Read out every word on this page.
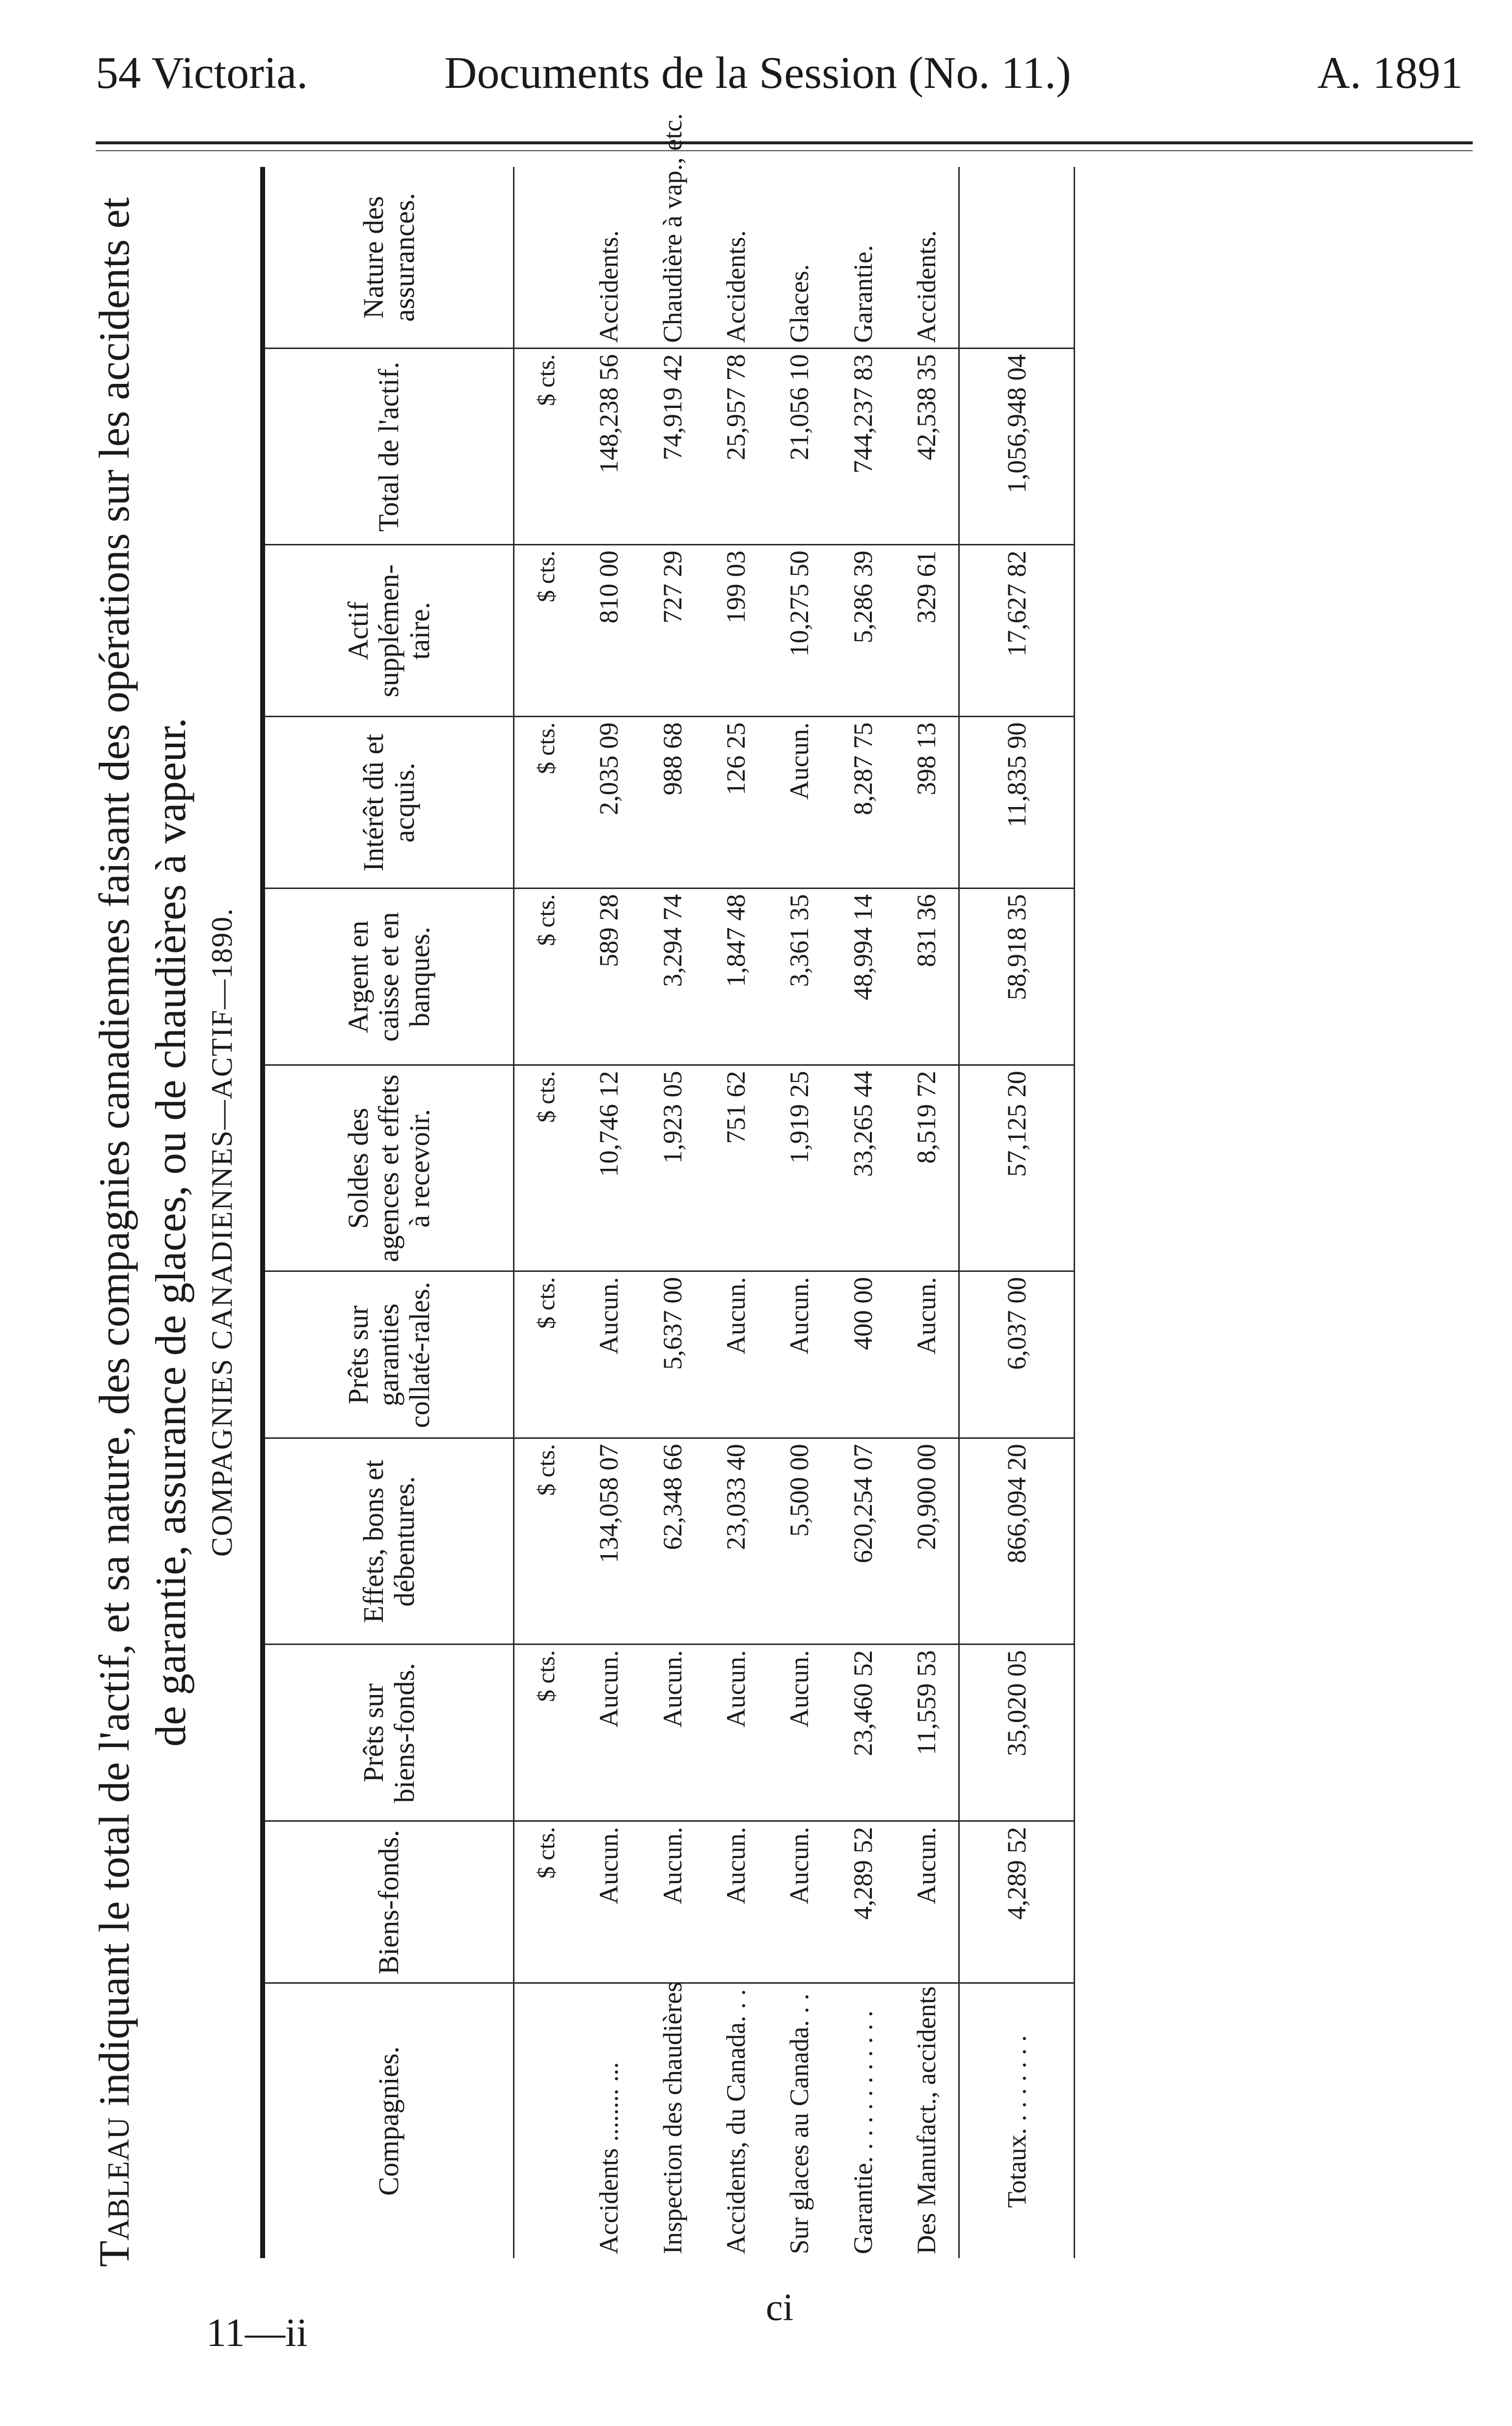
54 Victoria.	Documents de la Session (No. 11.)	A. 1891
Tableau indiquant le total de l'actif, et sa nature, des compagnies canadiennes faisant des opérations sur les accidents et de garantie, assurance de glaces, ou de chaudières à vapeur. COMPAGNIES CANADIENNES—ACTIF—1890.
Compagnies.	Biens-fonds.	Prêts sur biens-fonds.	Effets, bons et débentures.	Prêts sur garanties collaté-rales.	Soldes des agences et effets à recevoir.	Argent en caisse et en banques.	Intérêt dû et acquis.	Actif supplémen-taire.	Total de l'actif.	Nature des assurances.
	$ cts.	$ cts.	$ cts.	$ cts.	$ cts.	$ cts.	$ cts.	$ cts.	$ cts.	
Accidents ........ ...	Aucun.	Aucun.	134,058 07	Aucun.	10,746 12	589 28	2,035 09	810 00	148,238 56	Accidents.
Inspection des chaudières	Aucun.	Aucun.	62,348 66	5,637 00	1,923 05	3,294 74	988 68	727 29	74,919 42	Chaudière à vap., etc.
Accidents, du Canada. . .	Aucun.	Aucun.	23,033 40	Aucun.	751 62	1,847 48	126 25	199 03	25,957 78	Accidents.
Sur glaces au Canada. . .	Aucun.	Aucun.	5,500 00	Aucun.	1,919 25	3,361 35	Aucun.	10,275 50	21,056 10	Glaces.
Garantie. . . . . . . . . . . .	4,289 52	23,460 52	620,254 07	400 00	33,265 44	48,994 14	8,287 75	5,286 39	744,237 83	Garantie.
Des Manufact., accidents	Aucun.	11,559 53	20,900 00	Aucun.	8,519 72	831 36	398 13	329 61	42,538 35	Accidents.
Totaux. . . . . . . .	4,289 52	35,020 05	866,094 20	6,037 00	57,125 20	58,918 35	11,835 90	17,627 82	1,056,948 04	
11—ii
ci
